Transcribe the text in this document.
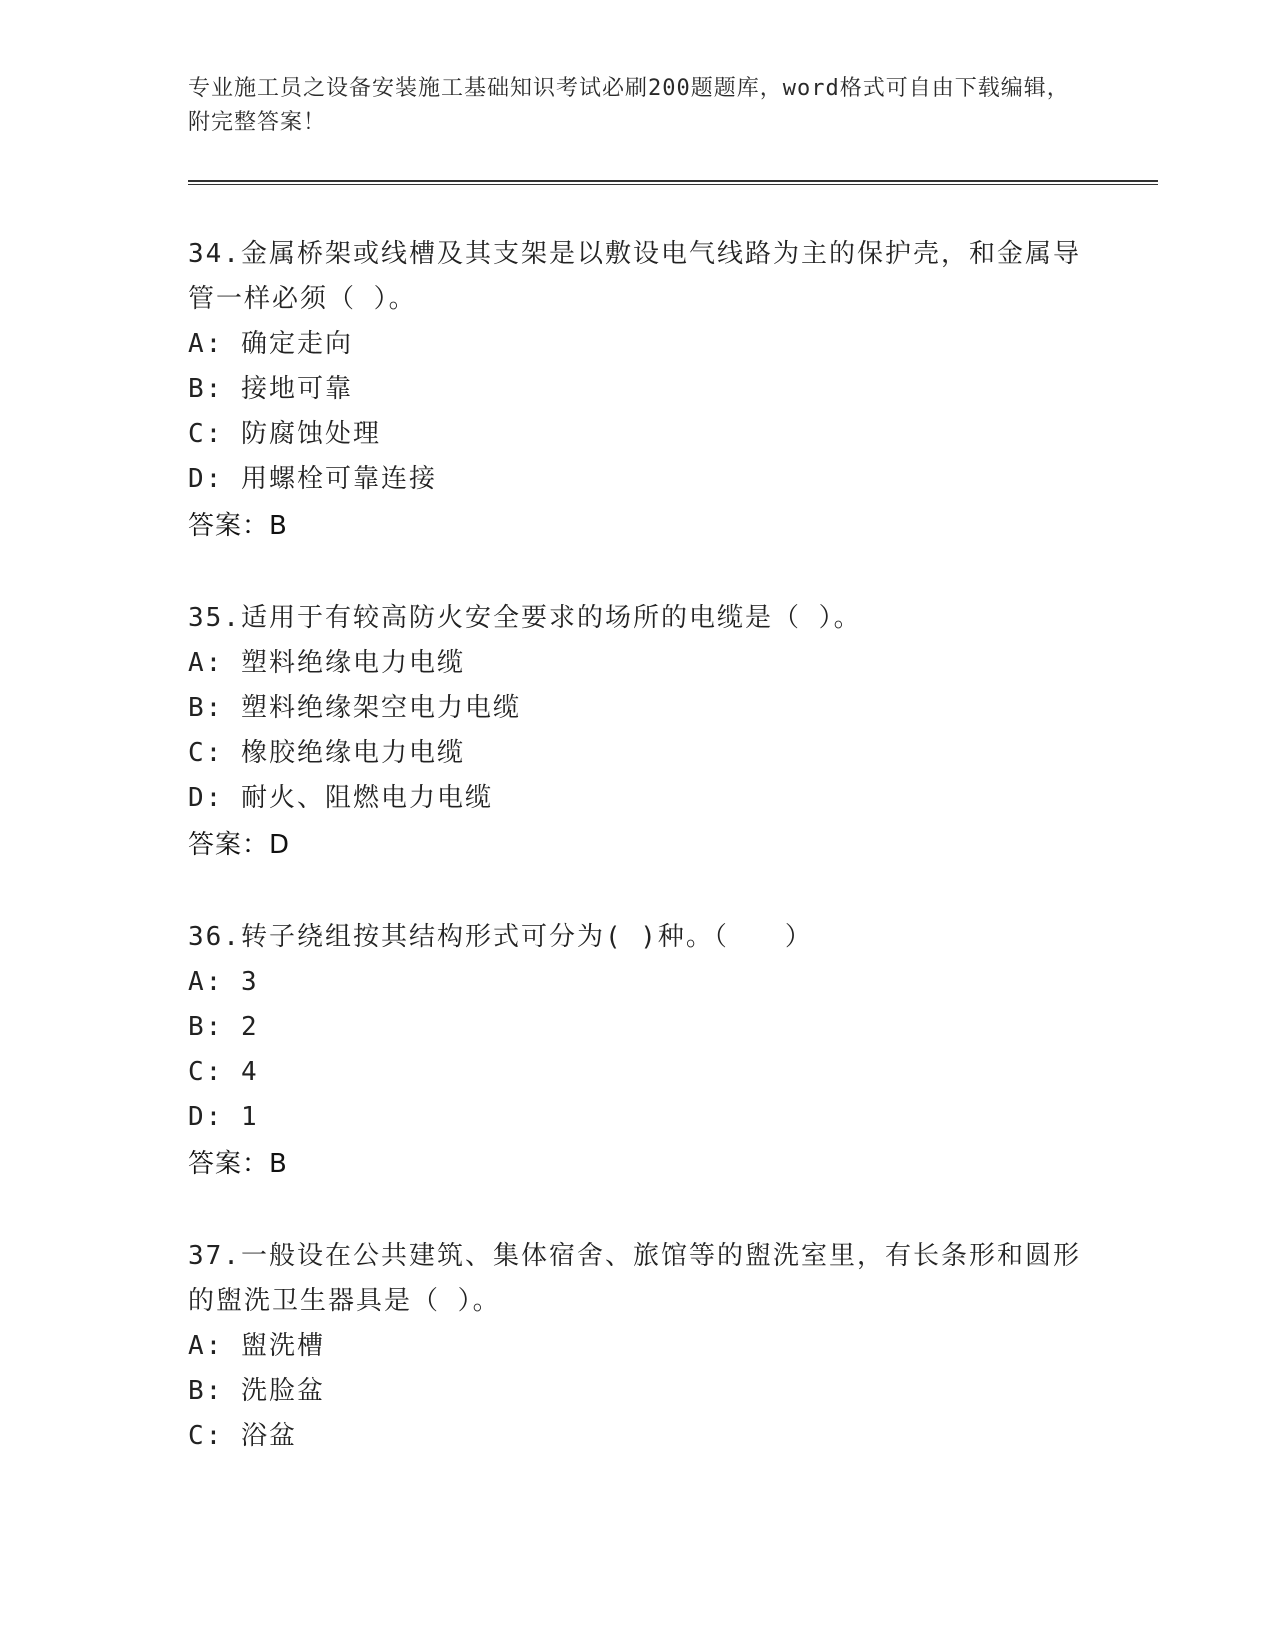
专业施工员之设备安装施工基础知识考试必刷200题题库，word格式可自由下载编辑，附完整答案！
34.金属桥架或线槽及其支架是以敷设电气线路为主的保护壳，和金属导管一样必须（ ）。
A: 确定走向
B: 接地可靠
C: 防腐蚀处理
D: 用螺栓可靠连接
答案：B
35.适用于有较高防火安全要求的场所的电缆是（ ）。
A: 塑料绝缘电力电缆
B: 塑料绝缘架空电力电缆
C: 橡胶绝缘电力电缆
D: 耐火、阻燃电力电缆
答案：D
36.转子绕组按其结构形式可分为( )种。（　　）
A: 3
B: 2
C: 4
D: 1
答案：B
37.一般设在公共建筑、集体宿舍、旅馆等的盥洗室里，有长条形和圆形的盥洗卫生器具是（ ）。
A: 盥洗槽
B: 洗脸盆
C: 浴盆
